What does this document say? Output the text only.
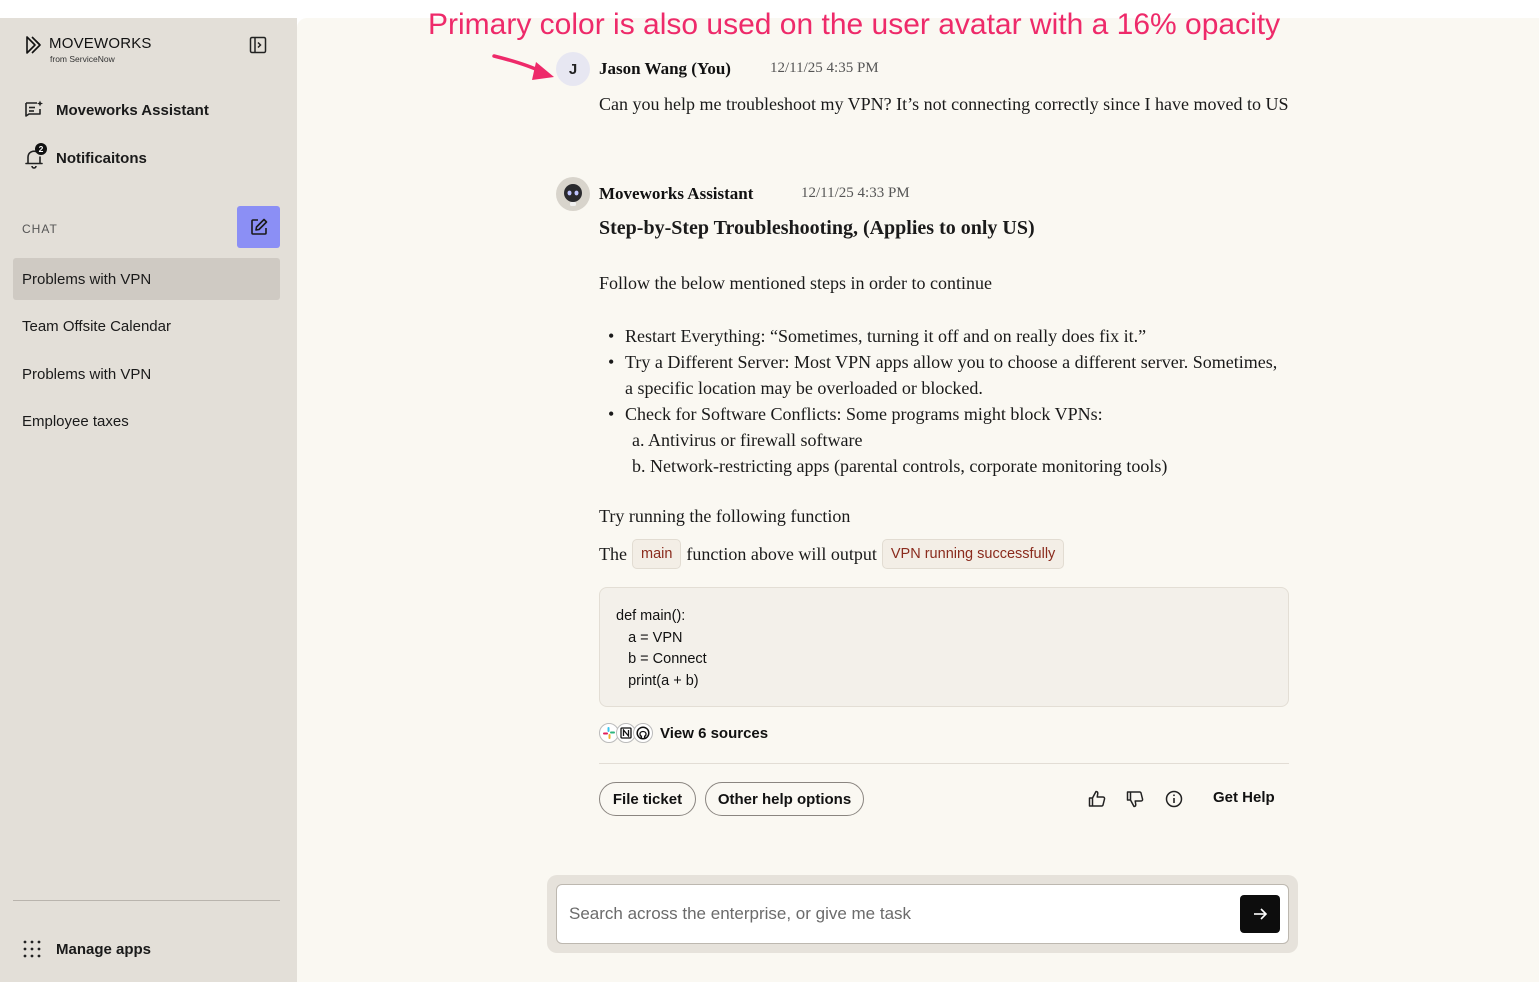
MOVEWORKS
from ServiceNow
Moveworks Assistant
2
Notificaitons
CHAT
Problems with VPN
Team Offsite Calendar
Problems with VPN
Employee taxes
Manage apps
Primary color is also used on the user avatar with a 16% opacity
J	Jason Wang (You)	12/11/25 4:35 PM
Can you help me troubleshoot my VPN? It’s not connecting correctly since I have moved to US
Moveworks Assistant	12/11/25 4:33 PM
Step-by-Step Troubleshooting, (Applies to only US)
Follow the below mentioned steps in order to continue
• Restart Everything: “Sometimes, turning it off and on really does fix it.”
• Try a Different Server: Most VPN apps allow you to choose a different server. Sometimes, a specific location may be overloaded or blocked.
• Check for Software Conflicts: Some programs might block VPNs:
a. Antivirus or firewall software
b. Network-restricting apps (parental controls, corporate monitoring tools)
Try running the following function
The main function above will output VPN running successfully
def main():
a = VPN
b = Connect
print(a + b)
View 6 sources
File ticket	Other help options	Get Help
Search across the enterprise, or give me task
